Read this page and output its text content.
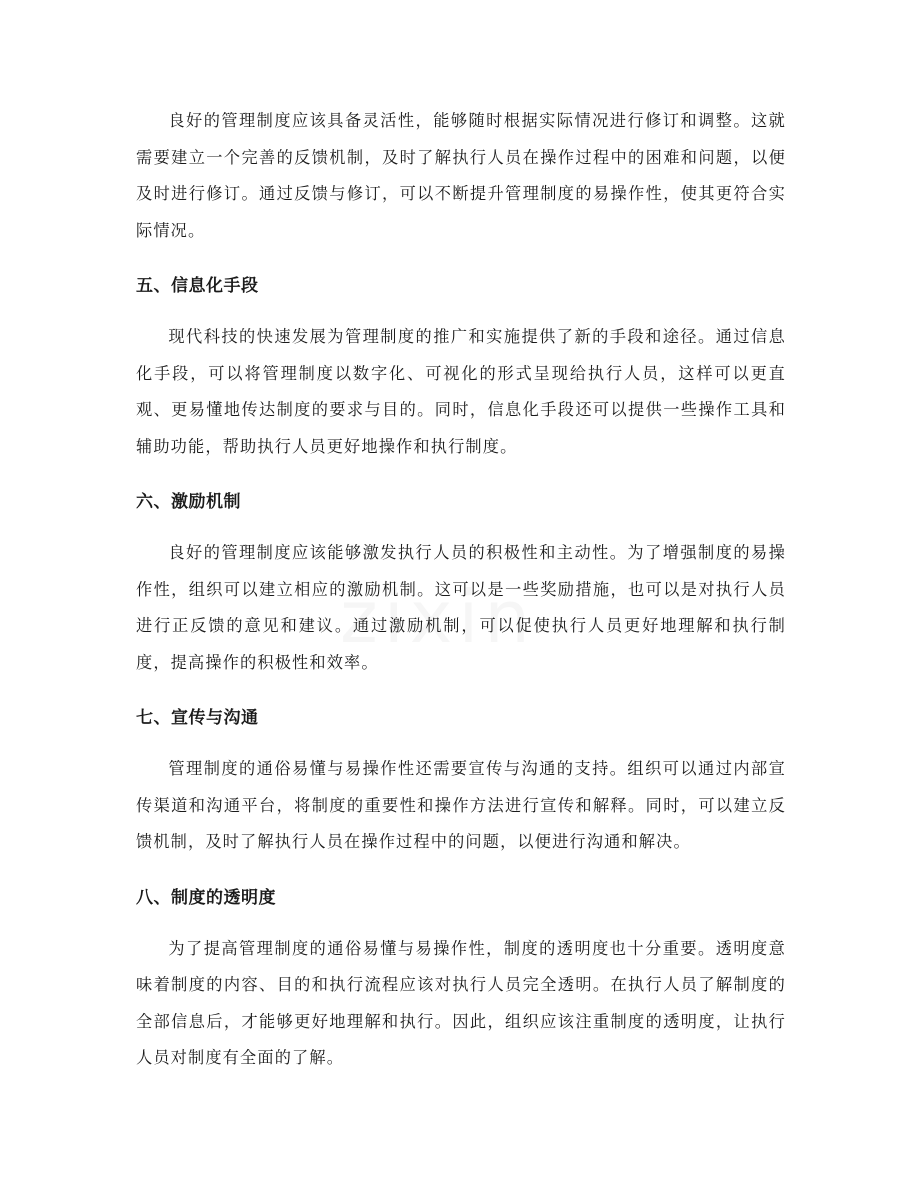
良好的管理制度应该具备灵活性，能够随时根据实际情况进行修订和调整。这就需要建立一个完善的反馈机制，及时了解执行人员在操作过程中的困难和问题，以便及时进行修订。通过反馈与修订，可以不断提升管理制度的易操作性，使其更符合实际情况。

五、信息化手段

现代科技的快速发展为管理制度的推广和实施提供了新的手段和途径。通过信息化手段，可以将管理制度以数字化、可视化的形式呈现给执行人员，这样可以更直观、更易懂地传达制度的要求与目的。同时，信息化手段还可以提供一些操作工具和辅助功能，帮助执行人员更好地操作和执行制度。

六、激励机制

良好的管理制度应该能够激发执行人员的积极性和主动性。为了增强制度的易操作性，组织可以建立相应的激励机制。这可以是一些奖励措施，也可以是对执行人员进行正反馈的意见和建议。通过激励机制，可以促使执行人员更好地理解和执行制度，提高操作的积极性和效率。

七、宣传与沟通

管理制度的通俗易懂与易操作性还需要宣传与沟通的支持。组织可以通过内部宣传渠道和沟通平台，将制度的重要性和操作方法进行宣传和解释。同时，可以建立反馈机制，及时了解执行人员在操作过程中的问题，以便进行沟通和解决。

八、制度的透明度

为了提高管理制度的通俗易懂与易操作性，制度的透明度也十分重要。透明度意味着制度的内容、目的和执行流程应该对执行人员完全透明。在执行人员了解制度的全部信息后，才能够更好地理解和执行。因此，组织应该注重制度的透明度，让执行人员对制度有全面的了解。
